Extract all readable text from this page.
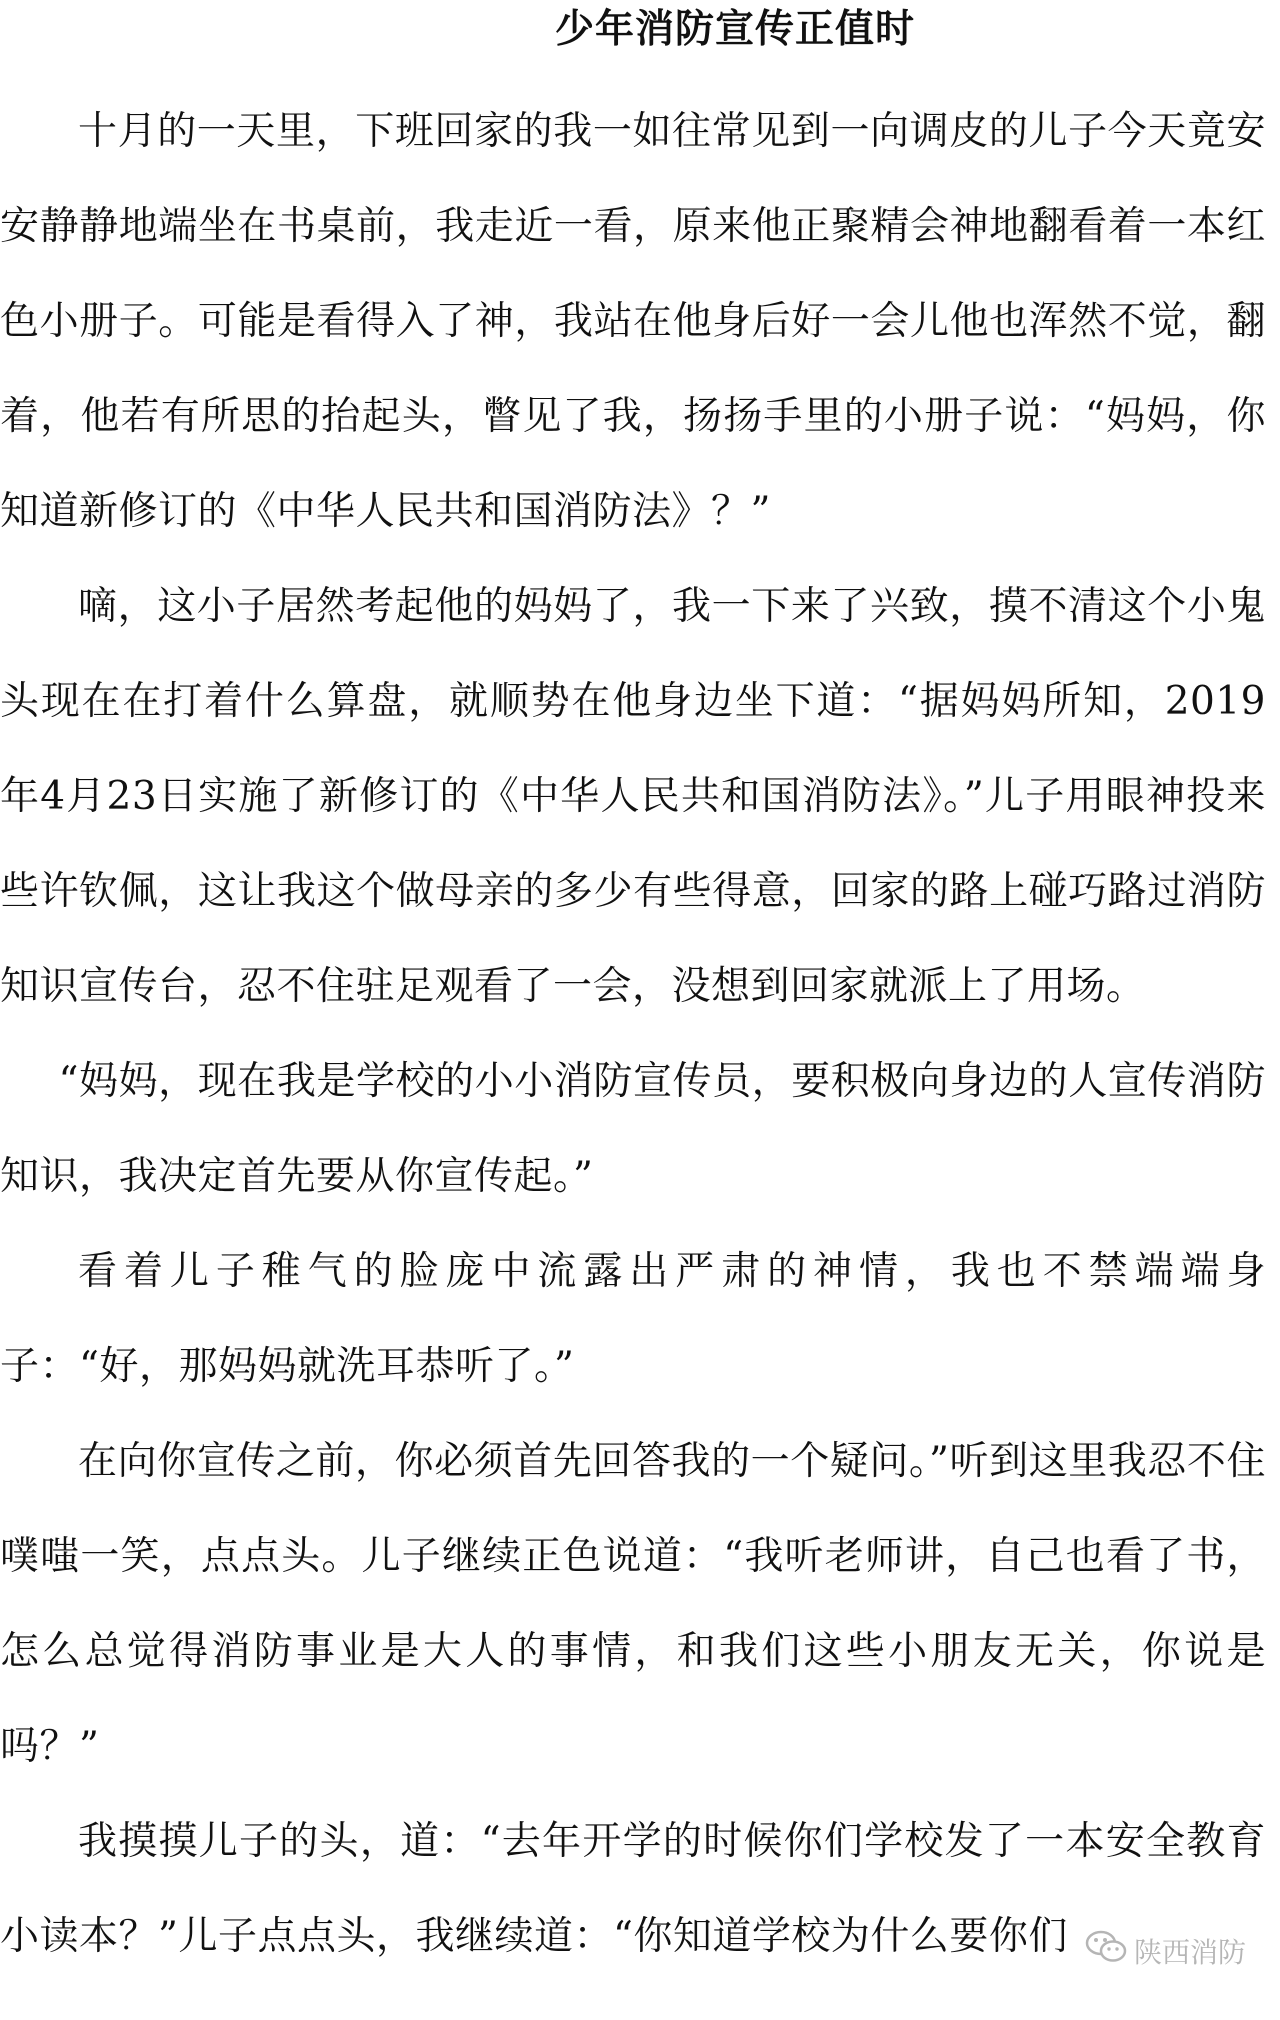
少年消防宣传正值时

十月的一天里，下班回家的我一如往常见到一向调皮的儿子今天竟安安静静地端坐在书桌前，我走近一看，原来他正聚精会神地翻看着一本红色小册子。可能是看得入了神，我站在他身后好一会儿他也浑然不觉，翻着，他若有所思的抬起头，瞥见了我，扬扬手里的小册子说：“妈妈，你知道新修订的《中华人民共和国消防法》？”

嘀，这小子居然考起他的妈妈了，我一下来了兴致，摸不清这个小鬼头现在在打着什么算盘，就顺势在他身边坐下道：“据妈妈所知，2019年4月23日实施了新修订的《中华人民共和国消防法》。”儿子用眼神投来些许钦佩，这让我这个做母亲的多少有些得意，回家的路上碰巧路过消防知识宣传台，忍不住驻足观看了一会，没想到回家就派上了用场。

“妈妈，现在我是学校的小小消防宣传员，要积极向身边的人宣传消防知识，我决定首先要从你宣传起。”

看着儿子稚气的脸庞中流露出严肃的神情，我也不禁端端身子：“好，那妈妈就洗耳恭听了。”

在向你宣传之前，你必须首先回答我的一个疑问。”听到这里我忍不住噗嗤一笑，点点头。儿子继续正色说道：“我听老师讲，自己也看了书，怎么总觉得消防事业是大人的事情，和我们这些小朋友无关，你说是吗？”

我摸摸儿子的头，道：“去年开学的时候你们学校发了一本安全教育小读本？”儿子点点头，我继续道：“你知道学校为什么要你们	陕西消防
